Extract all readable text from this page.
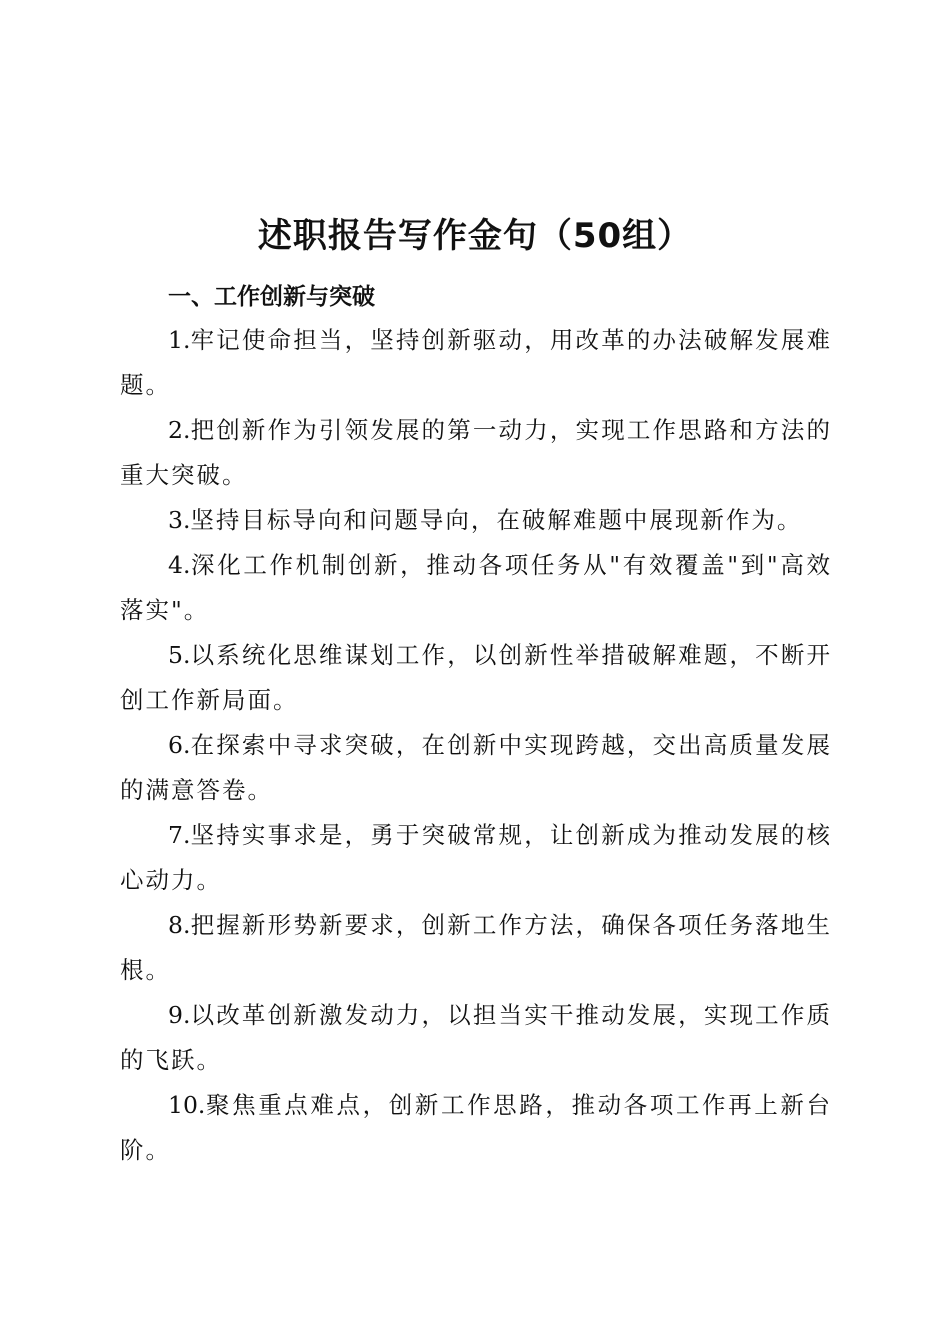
述职报告写作金句（50组）
一、工作创新与突破

1.牢记使命担当，坚持创新驱动，用改革的办法破解发展难题。

2.把创新作为引领发展的第一动力，实现工作思路和方法的重大突破。

3.坚持目标导向和问题导向，在破解难题中展现新作为。

4.深化工作机制创新，推动各项任务从"有效覆盖"到"高效落实"。

5.以系统化思维谋划工作，以创新性举措破解难题，不断开创工作新局面。

6.在探索中寻求突破，在创新中实现跨越，交出高质量发展的满意答卷。

7.坚持实事求是，勇于突破常规，让创新成为推动发展的核心动力。

8.把握新形势新要求，创新工作方法，确保各项任务落地生根。

9.以改革创新激发动力，以担当实干推动发展，实现工作质的飞跃。

10.聚焦重点难点，创新工作思路，推动各项工作再上新台阶。
